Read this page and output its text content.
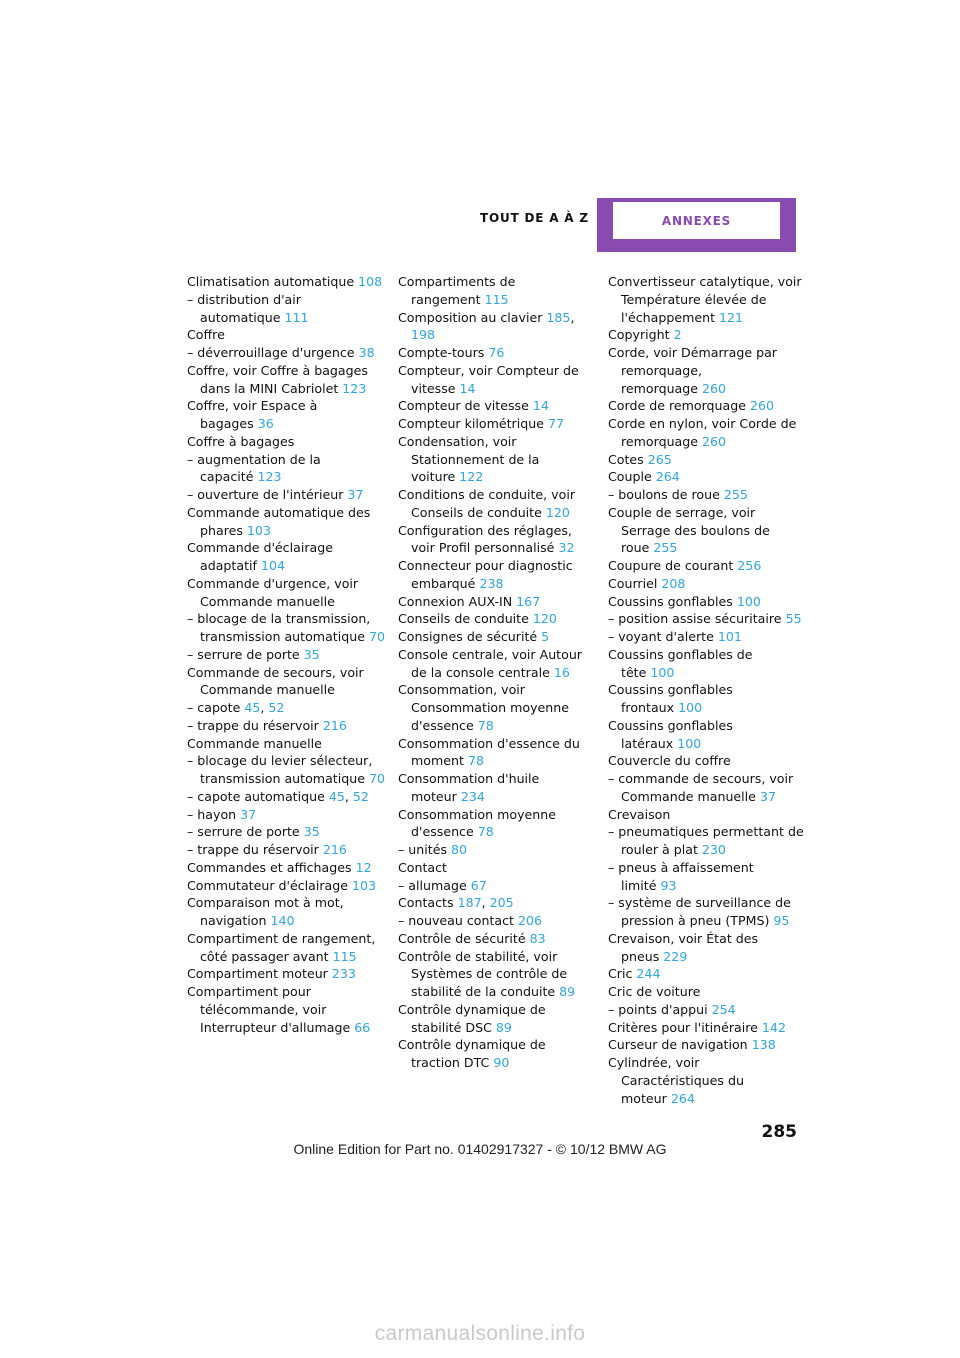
TOUT DE A À Z	ANNEXES
Climatisation automatique 108
– distribution d'air automatique 111
Coffre
– déverrouillage d'urgence 38
Coffre, voir Coffre à bagages dans la MINI Cabriolet 123
Coffre, voir Espace à bagages 36
Coffre à bagages
– augmentation de la capacité 123
– ouverture de l'intérieur 37
Commande automatique des phares 103
Commande d'éclairage adaptatif 104
Commande d'urgence, voir Commande manuelle
– blocage de la transmission, transmission automatique 70
– serrure de porte 35
Commande de secours, voir Commande manuelle
– capote 45, 52
– trappe du réservoir 216
Commande manuelle
– blocage du levier sélecteur, transmission automatique 70
– capote automatique 45, 52
– hayon 37
– serrure de porte 35
– trappe du réservoir 216
Commandes et affichages 12
Commutateur d'éclairage 103
Comparaison mot à mot, navigation 140
Compartiment de rangement, côté passager avant 115
Compartiment moteur 233
Compartiment pour télécommande, voir Interrupteur d'allumage 66
Compartiments de rangement 115
Composition au clavier 185, 198
Compte-tours 76
Compteur, voir Compteur de vitesse 14
Compteur de vitesse 14
Compteur kilométrique 77
Condensation, voir Stationnement de la voiture 122
Conditions de conduite, voir Conseils de conduite 120
Configuration des réglages, voir Profil personnalisé 32
Connecteur pour diagnostic embarqué 238
Connexion AUX-IN 167
Conseils de conduite 120
Consignes de sécurité 5
Console centrale, voir Autour de la console centrale 16
Consommation, voir Consommation moyenne d'essence 78
Consommation d'essence du moment 78
Consommation d'huile moteur 234
Consommation moyenne d'essence 78
– unités 80
Contact
– allumage 67
Contacts 187, 205
– nouveau contact 206
Contrôle de sécurité 83
Contrôle de stabilité, voir Systèmes de contrôle de stabilité de la conduite 89
Contrôle dynamique de stabilité DSC 89
Contrôle dynamique de traction DTC 90
Convertisseur catalytique, voir Température élevée de l'échappement 121
Copyright 2
Corde, voir Démarrage par remorquage, remorquage 260
Corde de remorquage 260
Corde en nylon, voir Corde de remorquage 260
Cotes 265
Couple 264
– boulons de roue 255
Couple de serrage, voir Serrage des boulons de roue 255
Coupure de courant 256
Courriel 208
Coussins gonflables 100
– position assise sécuritaire 55
– voyant d'alerte 101
Coussins gonflables de tête 100
Coussins gonflables frontaux 100
Coussins gonflables latéraux 100
Couvercle du coffre
– commande de secours, voir Commande manuelle 37
Crevaison
– pneumatiques permettant de rouler à plat 230
– pneus à affaissement limité 93
– système de surveillance de pression à pneu (TPMS) 95
Crevaison, voir État des pneus 229
Cric 244
Cric de voiture
– points d'appui 254
Critères pour l'itinéraire 142
Curseur de navigation 138
Cylindrée, voir Caractéristiques du moteur 264
285
Online Edition for Part no. 01402917327 - © 10/12 BMW AG
carmanualsonline.info
